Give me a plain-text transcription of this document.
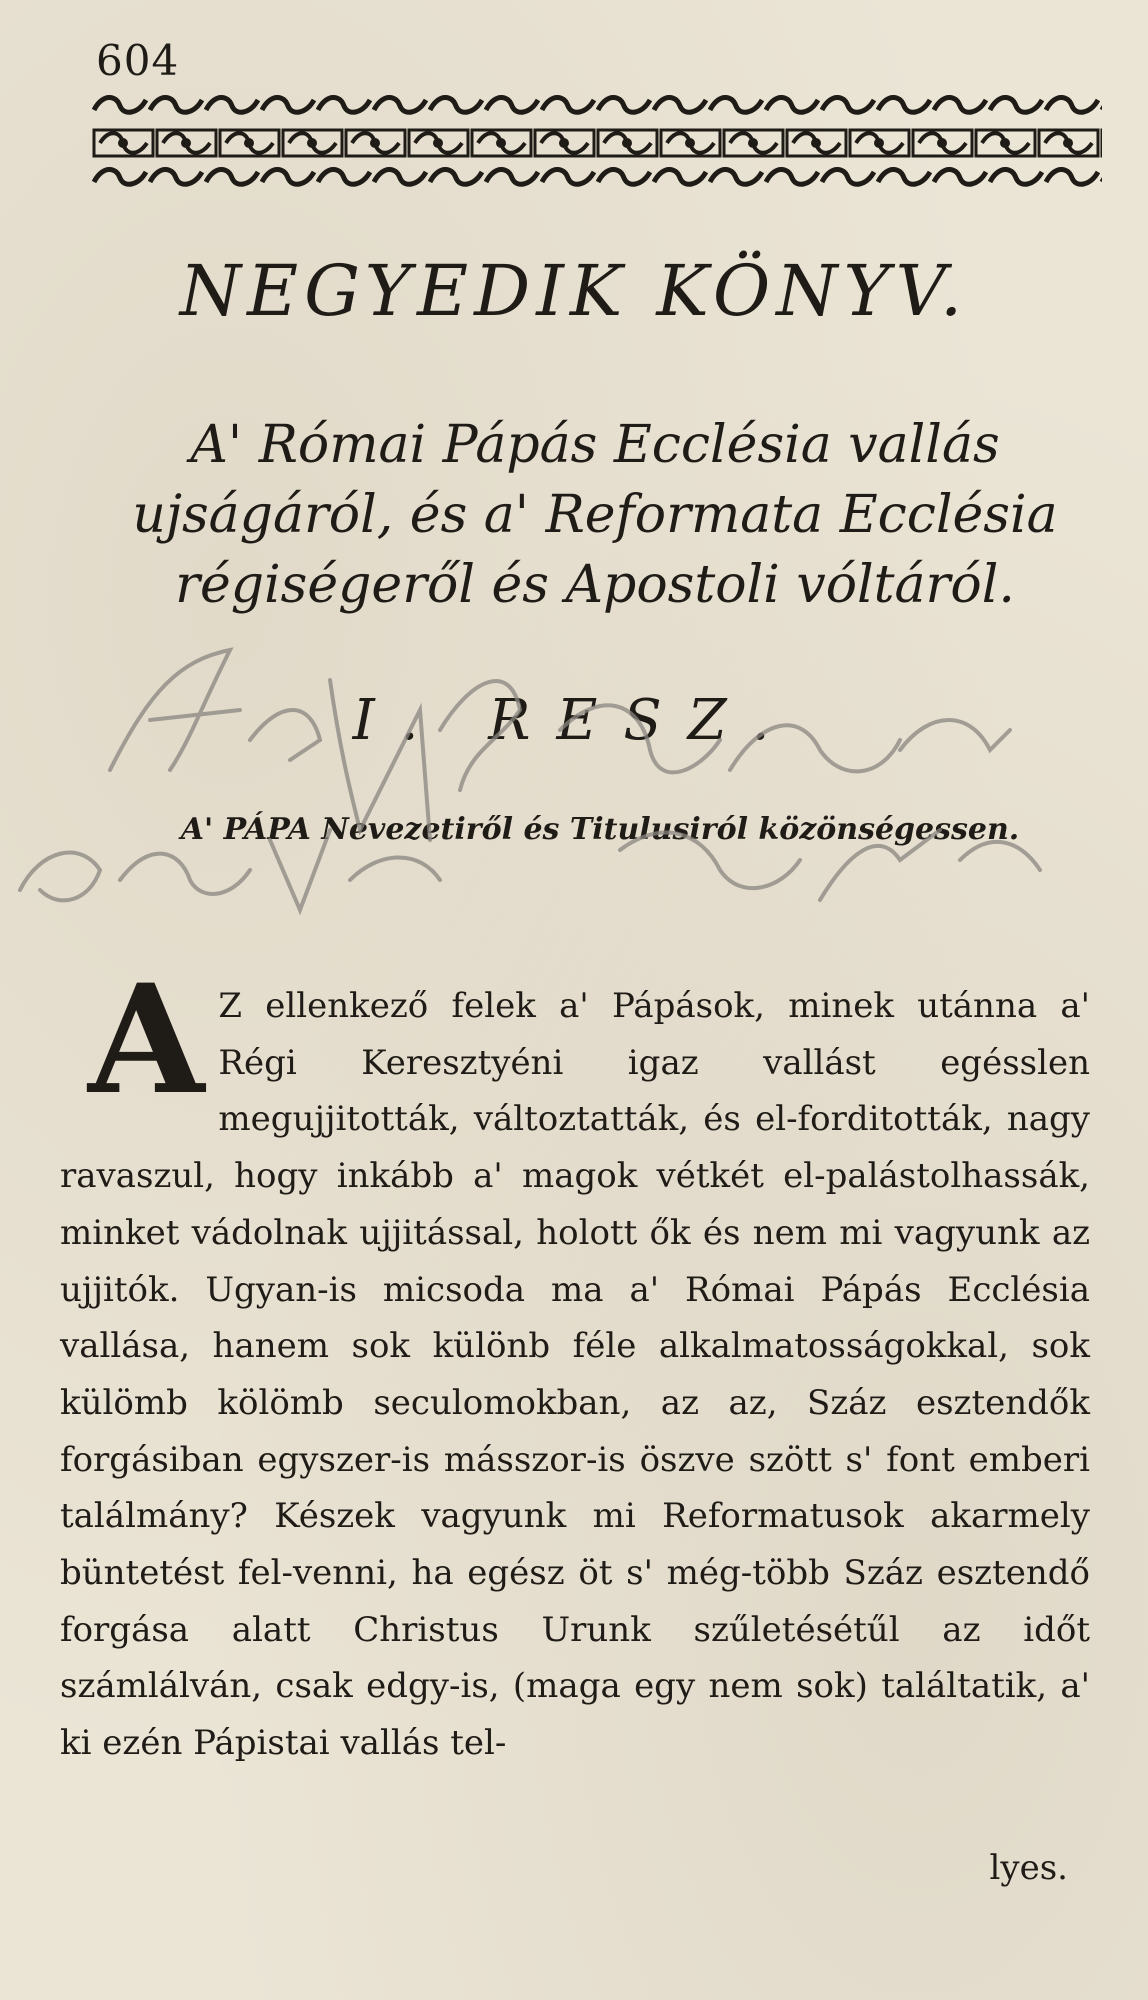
604
NEGYEDIK KÖNYV.
A' Római Pápás Ecclésia vallás ujságáról, és a' Reformata Ecclésia régiségeről és Apostoli vóltáról.
I. RESZ.
A' PÁPA Nevezetiről és Titulusiról közönségessen.
A Z ellenkező felek a' Pápások, minek utánna a' Régi Keresztyéni igaz vallást egésslen megujjitották, változtatták, és el-forditották, nagy ravaszul, hogy inkább a' magok vétkét el-palástolhassák, minket vádolnak ujjitással, holott ők és nem mi vagyunk az ujjitók. Ugyan-is micsoda ma a' Római Pápás Ecclésia vallása, hanem sok különb féle alkalmatosságokkal, sok külömb kölömb seculomokban, az az, Száz esztendők forgásiban egyszer-is másszor-is öszve szött s' font emberi találmány? Készek vagyunk mi Reformatusok akarmely büntetést fel-venni, ha egész öt s' még-több Száz esztendő forgása alatt Christus Urunk szűletésétűl az időt számlálván, csak edgy-is, (maga egy nem sok) találtatik, a' ki ezén Pápistai vallás tel-
lyes.
